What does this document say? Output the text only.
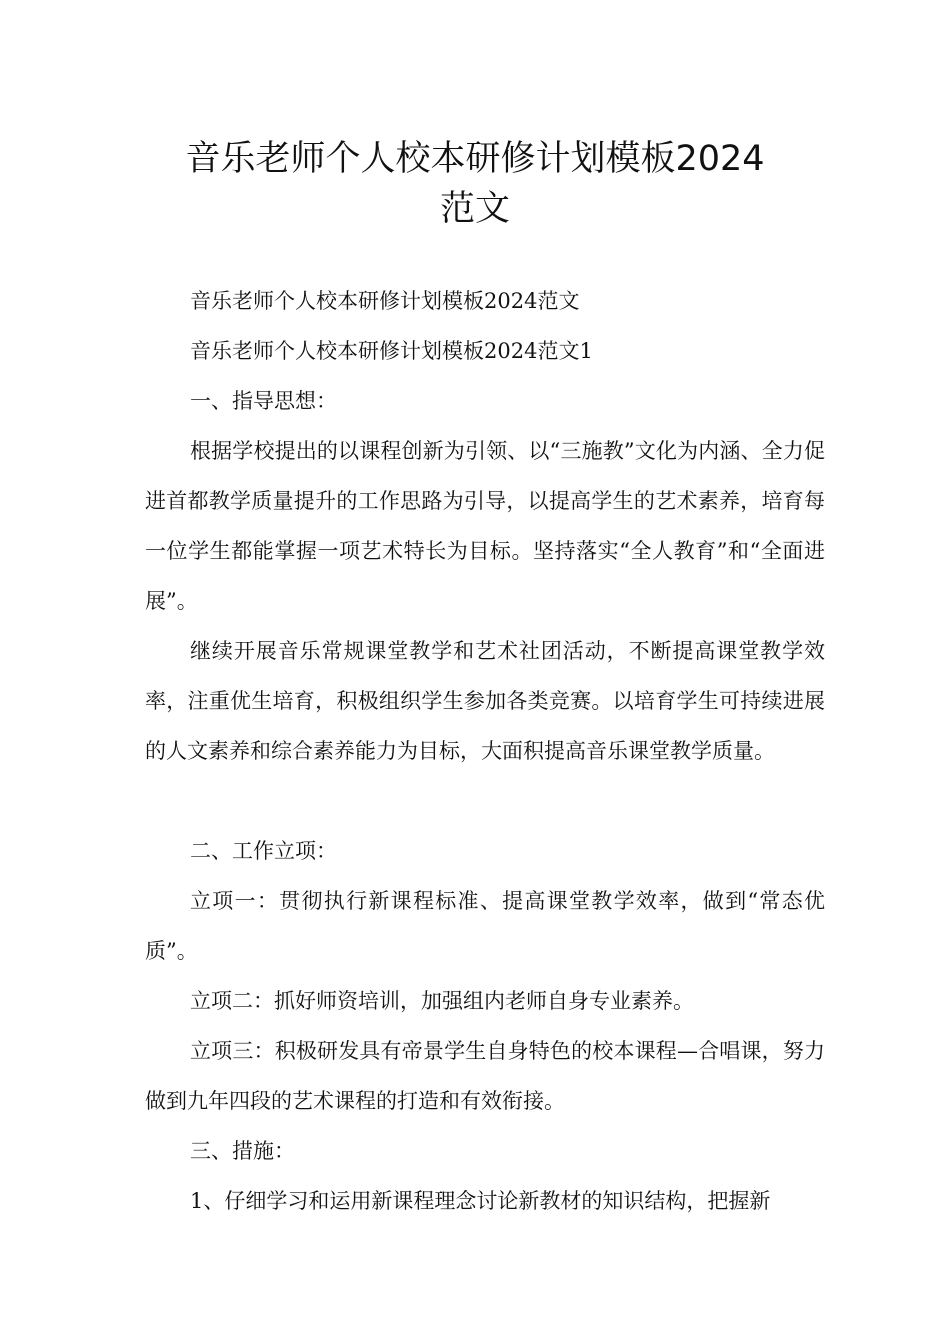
音乐老师个人校本研修计划模板2024
范文

音乐老师个人校本研修计划模板2024范文

音乐老师个人校本研修计划模板2024范文1

一、指导思想：

根据学校提出的以课程创新为引领、以“三施教”文化为内涵、全力促进首都教学质量提升的工作思路为引导，以提高学生的艺术素养，培育每一位学生都能掌握一项艺术特长为目标。坚持落实“全人教育”和“全面进展”。

继续开展音乐常规课堂教学和艺术社团活动，不断提高课堂教学效率，注重优生培育，积极组织学生参加各类竞赛。以培育学生可持续进展的人文素养和综合素养能力为目标，大面积提高音乐课堂教学质量。

二、工作立项：

立项一：贯彻执行新课程标准、提高课堂教学效率，做到“常态优质”。

立项二：抓好师资培训，加强组内老师自身专业素养。

立项三：积极研发具有帝景学生自身特色的校本课程—合唱课，努力做到九年四段的艺术课程的打造和有效衔接。

三、措施：

1、仔细学习和运用新课程理念讨论新教材的知识结构，把握新
